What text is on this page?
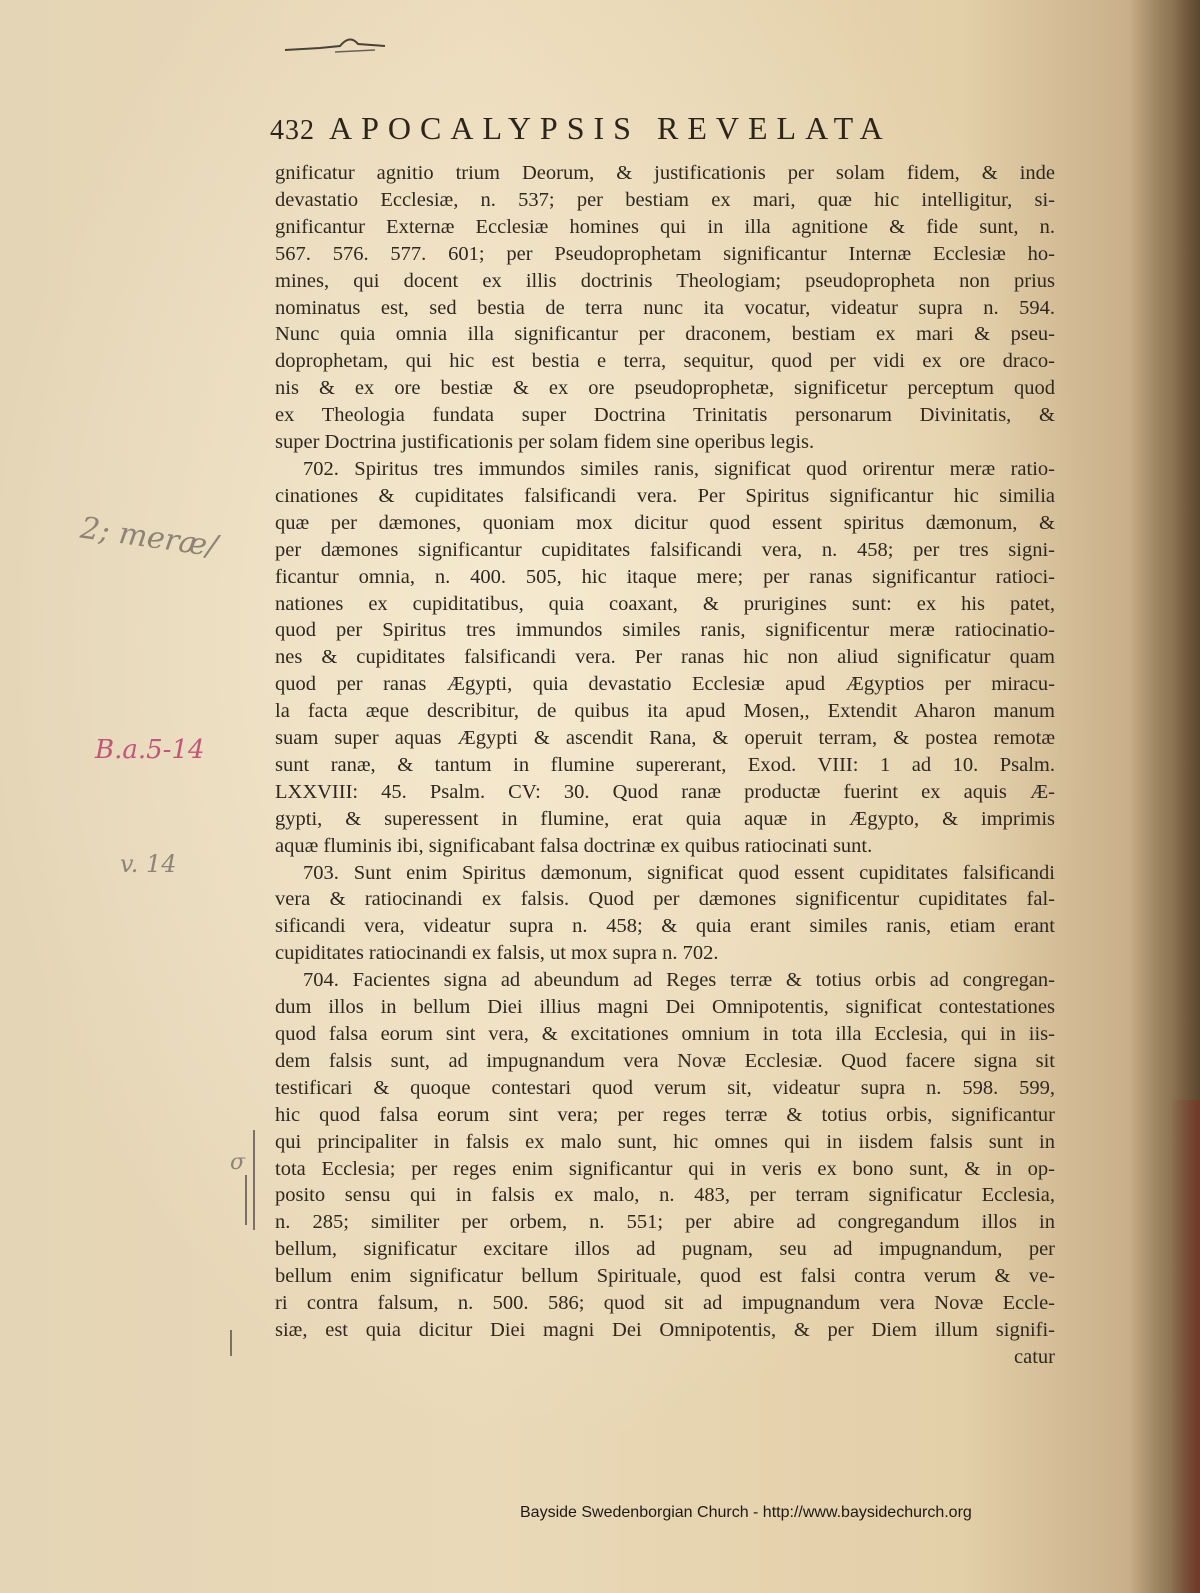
432 APOCALYPSIS REVELATA
gnificatur agnitio trium Deorum, & justificationis per solam fidem, & inde
devastatio Ecclesiæ, n. 537; per bestiam ex mari, quæ hic intelligitur, si-
gnificantur Externæ Ecclesiæ homines qui in illa agnitione & fide sunt, n.
567. 576. 577. 601; per Pseudoprophetam significantur Internæ Ecclesiæ ho-
mines, qui docent ex illis doctrinis Theologiam; pseudopropheta non prius
nominatus est, sed bestia de terra nunc ita vocatur, videatur supra n. 594.
Nunc quia omnia illa significantur per draconem, bestiam ex mari & pseu-
doprophetam, qui hic est bestia e terra, sequitur, quod per vidi ex ore draco-
nis & ex ore bestiæ & ex ore pseudoprophetæ, significetur perceptum quod
ex Theologia fundata super Doctrina Trinitatis personarum Divinitatis, &
super Doctrina justificationis per solam fidem sine operibus legis.
702. Spiritus tres immundos similes ranis, significat quod orirentur meræ ratio-
cinationes & cupiditates falsificandi vera. Per Spiritus significantur hic similia
quæ per dæmones, quoniam mox dicitur quod essent spiritus dæmonum, &
per dæmones significantur cupiditates falsificandi vera, n. 458; per tres signi-
ficantur omnia, n. 400. 505, hic itaque mere; per ranas significantur ratioci-
nationes ex cupiditatibus, quia coaxant, & prurigines sunt: ex his patet,
quod per Spiritus tres immundos similes ranis, significentur meræ ratiocinatio-
nes & cupiditates falsificandi vera. Per ranas hic non aliud significatur quam
quod per ranas Ægypti, quia devastatio Ecclesiæ apud Ægyptios per miracu-
la facta æque describitur, de quibus ita apud Mosen,, Extendit Aharon manum
suam super aquas Ægypti & ascendit Rana, & operuit terram, & postea remotæ
sunt ranæ, & tantum in flumine supererant, Exod. VIII: 1 ad 10. Psalm.
LXXVIII: 45. Psalm. CV: 30. Quod ranæ productæ fuerint ex aquis Æ-
gypti, & superessent in flumine, erat quia aquæ in Ægypto, & imprimis
aquæ fluminis ibi, significabant falsa doctrinæ ex quibus ratiocinati sunt.
703. Sunt enim Spiritus dæmonum, significat quod essent cupiditates falsificandi
vera & ratiocinandi ex falsis. Quod per dæmones significentur cupiditates fal-
sificandi vera, videatur supra n. 458; & quia erant similes ranis, etiam erant
cupiditates ratiocinandi ex falsis, ut mox supra n. 702.
704. Facientes signa ad abeundum ad Reges terræ & totius orbis ad congregan-
dum illos in bellum Diei illius magni Dei Omnipotentis, significat contestationes
quod falsa eorum sint vera, & excitationes omnium in tota illa Ecclesia, qui in iis-
dem falsis sunt, ad impugnandum vera Novæ Ecclesiæ. Quod facere signa sit
testificari & quoque contestari quod verum sit, videatur supra n. 598. 599,
hic quod falsa eorum sint vera; per reges terræ & totius orbis, significantur
qui principaliter in falsis ex malo sunt, hic omnes qui in iisdem falsis sunt in
tota Ecclesia; per reges enim significantur qui in veris ex bono sunt, & in op-
posito sensu qui in falsis ex malo, n. 483, per terram significatur Ecclesia,
n. 285; similiter per orbem, n. 551; per abire ad congregandum illos in
bellum, significatur excitare illos ad pugnam, seu ad impugnandum, per
bellum enim significatur bellum Spirituale, quod est falsi contra verum & ve-
ri contra falsum, n. 500. 586; quod sit ad impugnandum vera Novæ Eccle-
siæ, est quia dicitur Diei magni Dei Omnipotentis, & per Diem illum signifi-
catur
2; meræ/
B.a.5-14
v. 14
σ
Bayside Swedenborgian Church - http://www.baysidechurch.org
